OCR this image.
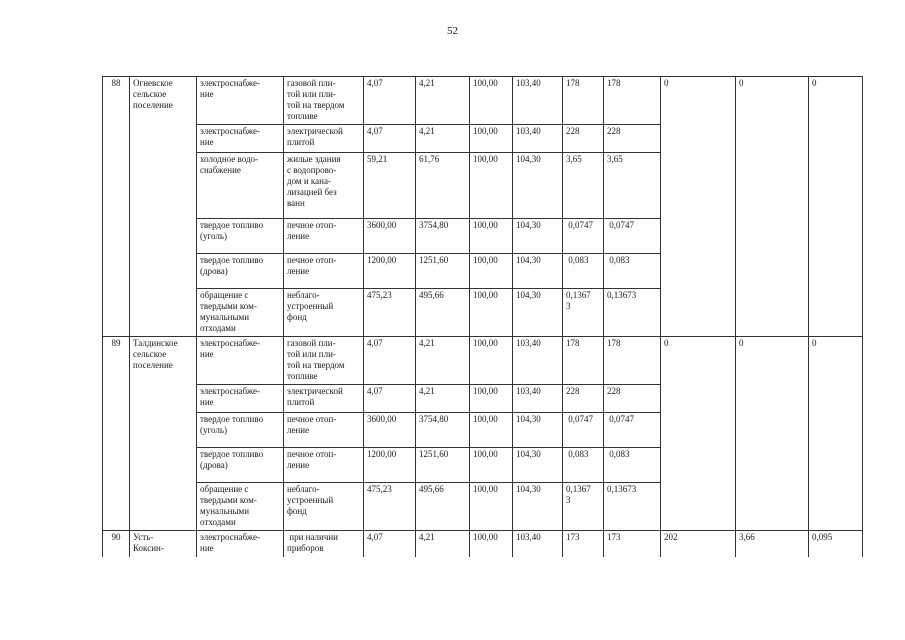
52
88	Огневское
сельское
поселение	электроснабже-
ние	газовой пли-
той или пли-
той на твердом
топливе	4,07	4,21	100,00	103,40	178	178	0	0	0
		электроснабже-
ние	электрической
плитой	4,07	4,21	100,00	103,40	228	228			
		холодное водо-
снабжение	жилые здания
с водопрово-
дом и кана-
лизацией без
ванн	59,21	61,76	100,00	104,30	3,65	3,65			
		твердое топливо
(уголь)	печное отоп-
ление	3600,00	3754,80	100,00	104,30	0,0747	0,0747			
		твердое топливо
(дрова)	печное отоп-
ление	1200,00	1251,60	100,00	104,30	0,083	0,083			
		обращение с
твердыми ком-
мунальными
отходами	неблаго-
устроенный
фонд	475,23	495,66	100,00	104,30	0,1367
3	0,13673			
89	Талдинское
сельское
поселение	электроснабже-
ние	газовой пли-
той или пли-
той на твердом
топливе	4,07	4,21	100,00	103,40	178	178	0	0	0
		электроснабже-
ние	электрической
плитой	4,07	4,21	100,00	103,40	228	228			
		твердое топливо
(уголь)	печное отоп-
ление	3600,00	3754,80	100,00	104,30	0,0747	0,0747			
		твердое топливо
(дрова)	печное отоп-
ление	1200,00	1251,60	100,00	104,30	0,083	0,083			
		обращение с
твердыми ком-
мунальными
отходами	неблаго-
устроенный
фонд	475,23	495,66	100,00	104,30	0,1367
3	0,13673			
90	Усть-
Коксин-	электроснабже-
ние	при наличии
приборов	4,07	4,21	100,00	103,40	173	173	202	3,66	0,095
